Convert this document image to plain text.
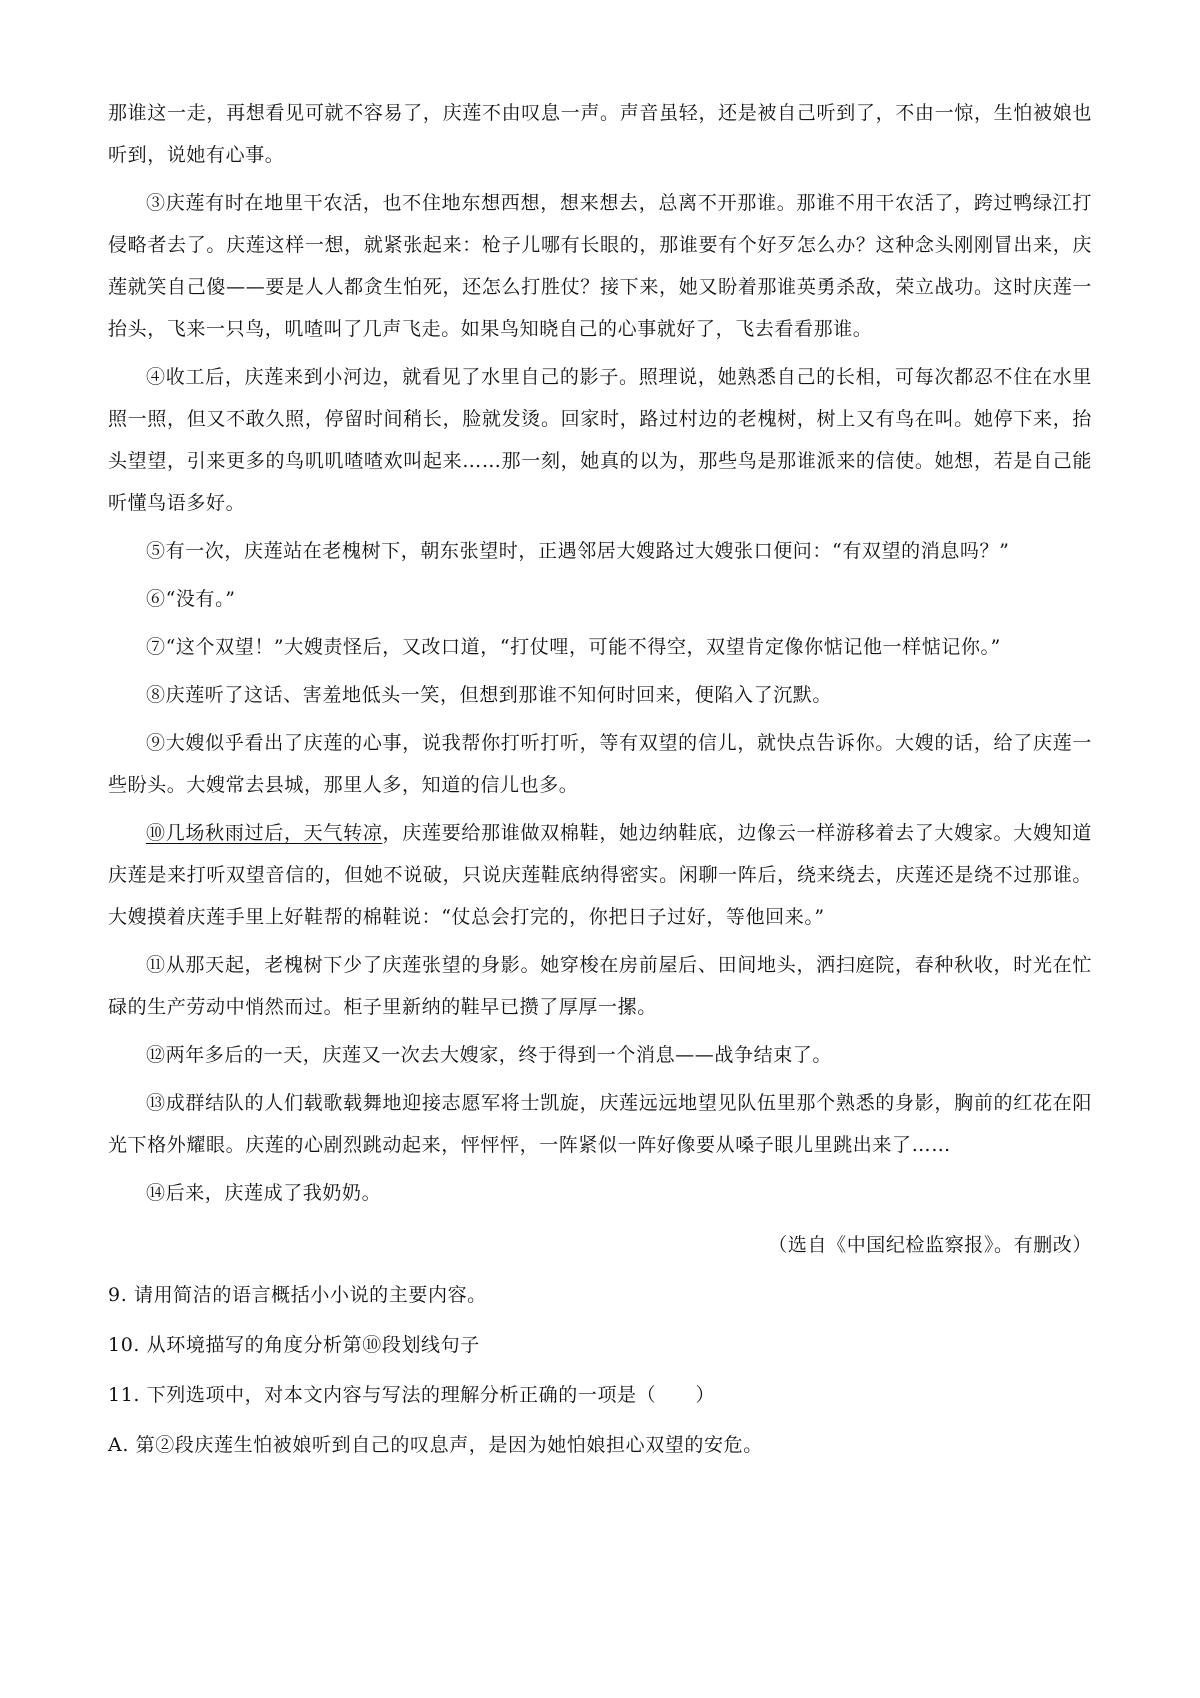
那谁这一走，再想看见可就不容易了，庆莲不由叹息一声。声音虽轻，还是被自己听到了，不由一惊，生怕被娘也听到，说她有心事。

③庆莲有时在地里干农活，也不住地东想西想，想来想去，总离不开那谁。那谁不用干农活了，跨过鸭绿江打侵略者去了。庆莲这样一想，就紧张起来：枪子儿哪有长眼的，那谁要有个好歹怎么办？这种念头刚刚冒出来，庆莲就笑自己傻——要是人人都贪生怕死，还怎么打胜仗？接下来，她又盼着那谁英勇杀敌，荣立战功。这时庆莲一抬头，飞来一只鸟，叽喳叫了几声飞走。如果鸟知晓自己的心事就好了，飞去看看那谁。

④收工后，庆莲来到小河边，就看见了水里自己的影子。照理说，她熟悉自己的长相，可每次都忍不住在水里照一照，但又不敢久照，停留时间稍长，脸就发烫。回家时，路过村边的老槐树，树上又有鸟在叫。她停下来，抬头望望，引来更多的鸟叽叽喳喳欢叫起来……那一刻，她真的以为，那些鸟是那谁派来的信使。她想，若是自己能听懂鸟语多好。

⑤有一次，庆莲站在老槐树下，朝东张望时，正遇邻居大嫂路过大嫂张口便问：“有双望的消息吗？”

⑥“没有。”

⑦“这个双望！”大嫂责怪后，又改口道，“打仗哩，可能不得空，双望肯定像你惦记他一样惦记你。”

⑧庆莲听了这话、害羞地低头一笑，但想到那谁不知何时回来，便陷入了沉默。

⑨大嫂似乎看出了庆莲的心事，说我帮你打听打听，等有双望的信儿，就快点告诉你。大嫂的话，给了庆莲一些盼头。大嫂常去县城，那里人多，知道的信儿也多。

⑩几场秋雨过后，天气转凉，庆莲要给那谁做双棉鞋，她边纳鞋底，边像云一样游移着去了大嫂家。大嫂知道庆莲是来打听双望音信的，但她不说破，只说庆莲鞋底纳得密实。闲聊一阵后，绕来绕去，庆莲还是绕不过那谁。大嫂摸着庆莲手里上好鞋帮的棉鞋说：“仗总会打完的，你把日子过好，等他回来。”

⑪从那天起，老槐树下少了庆莲张望的身影。她穿梭在房前屋后、田间地头，洒扫庭院，春种秋收，时光在忙碌的生产劳动中悄然而过。柜子里新纳的鞋早已攒了厚厚一摞。

⑫两年多后的一天，庆莲又一次去大嫂家，终于得到一个消息——战争结束了。

⑬成群结队的人们载歌载舞地迎接志愿军将士凯旋，庆莲远远地望见队伍里那个熟悉的身影，胸前的红花在阳光下格外耀眼。庆莲的心剧烈跳动起来，怦怦怦，一阵紧似一阵好像要从嗓子眼儿里跳出来了……

⑭后来，庆莲成了我奶奶。

（选自《中国纪检监察报》。有删改）

9. 请用简洁的语言概括小小说的主要内容。

10. 从环境描写的角度分析第⑩段划线句子

11. 下列选项中，对本文内容与写法的理解分析正确的一项是（　　）

A. 第②段庆莲生怕被娘听到自己的叹息声，是因为她怕娘担心双望的安危。
